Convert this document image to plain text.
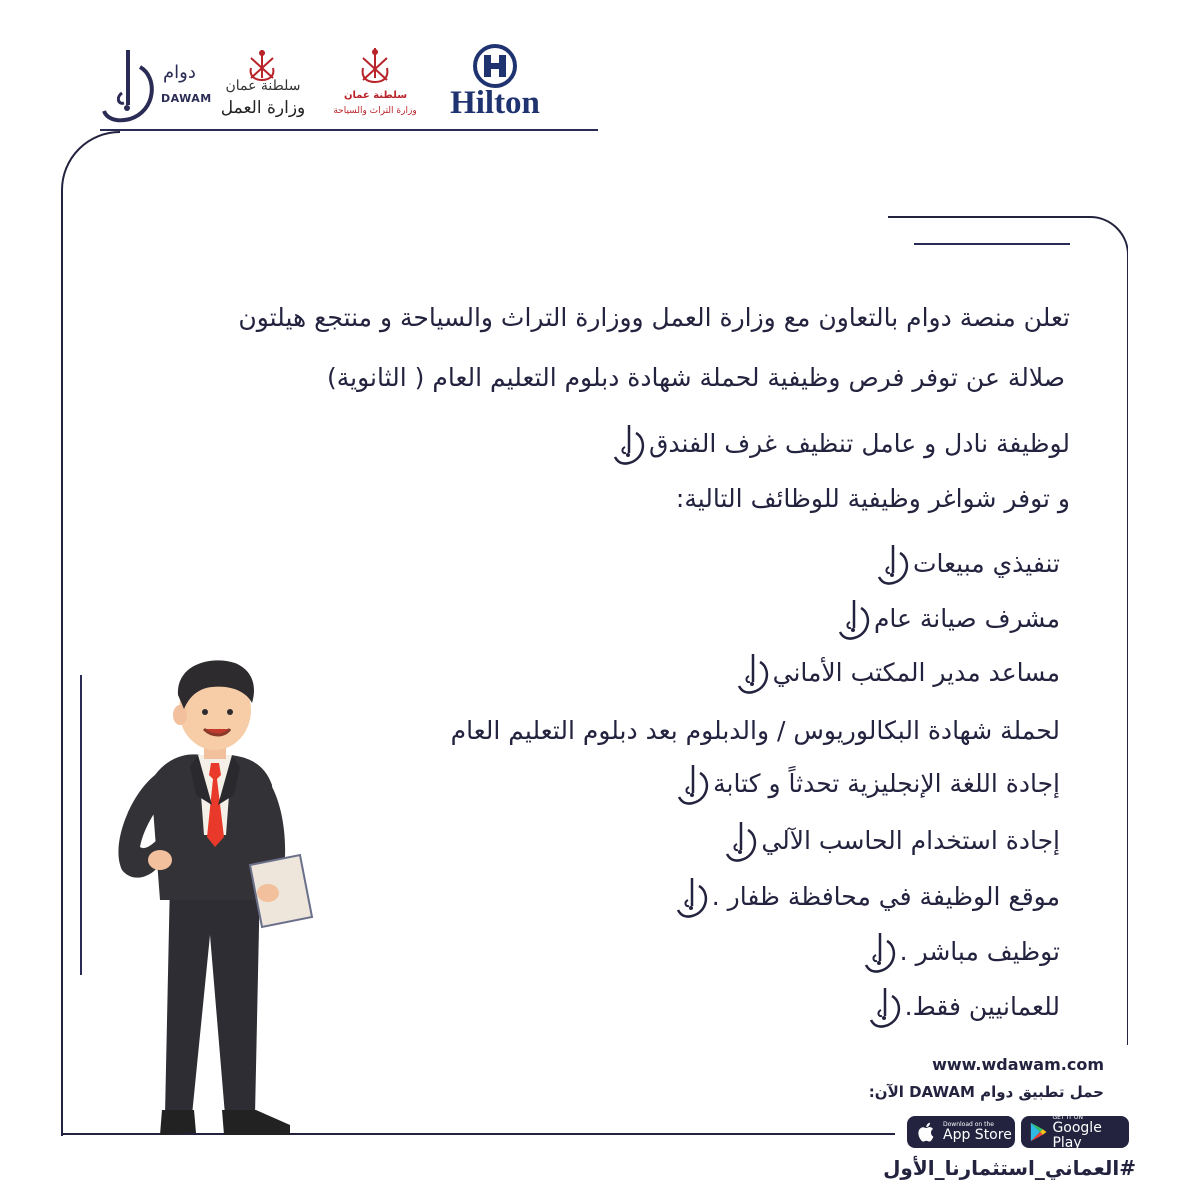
دوام
DAWAM
سلطنة عمان
وزارة العمل
سلطنة عمان
وزارة التراث والسياحة	Hilton
تعلن منصة دوام بالتعاون مع وزارة العمل ووزارة التراث والسياحة و منتجع هيلتون
صلالة عن توفر فرص وظيفية لحملة شهادة دبلوم التعليم العام ( الثانوية)
لوظيفة نادل و عامل تنظيف غرف الفندق
و توفر شواغر وظيفية للوظائف التالية:
تنفيذي مبيعات
مشرف صيانة عام
مساعد مدير المكتب الأماني
لحملة شهادة البكالوريوس / والدبلوم بعد دبلوم التعليم العام
إجادة اللغة الإنجليزية تحدثاً و كتابة
إجادة استخدام الحاسب الآلي
موقع الوظيفة في محافظة ظفار .
توظيف مباشر .
للعمانيين فقط.
www.wdawam.com
حمل تطبيق دوام DAWAM الآن:
Download on the
App Store
GET IT ON
Google Play
#العماني_استثمارنا_الأول
